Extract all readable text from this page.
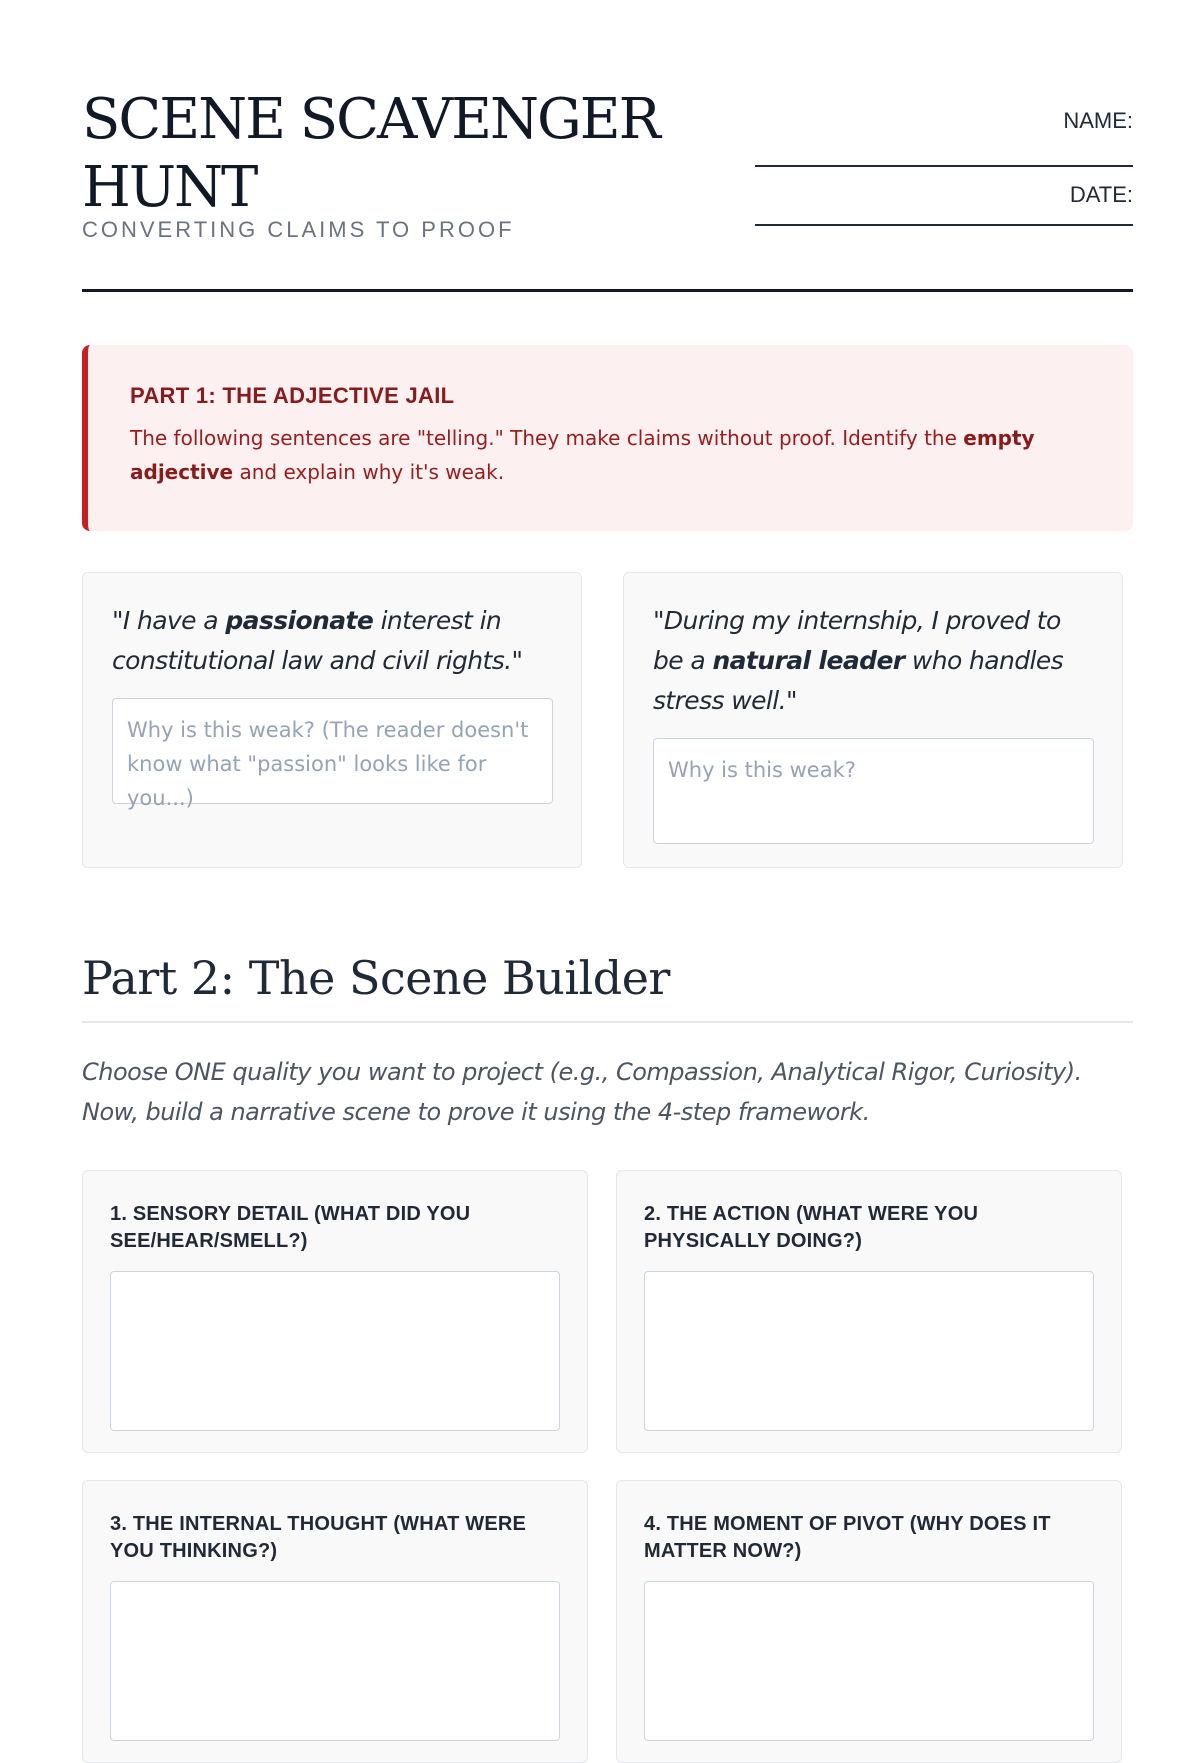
SCENE SCAVENGER HUNT

CONVERTING CLAIMS TO PROOF

NAME:
DATE:

PART 1: THE ADJECTIVE JAIL

The following sentences are "telling." They make claims without proof. Identify the empty adjective and explain why it's weak.

"I have a passionate interest in constitutional law and civil rights."

Why is this weak? (The reader doesn't know what "passion" looks like for you...)

"During my internship, I proved to be a natural leader who handles stress well."

Why is this weak?
Part 2: The Scene Builder

Choose ONE quality you want to project (e.g., Compassion, Analytical Rigor, Curiosity). Now, build a narrative scene to prove it using the 4-step framework.

1. SENSORY DETAIL (WHAT DID YOU SEE/HEAR/SMELL?)

2. THE ACTION (WHAT WERE YOU PHYSICALLY DOING?)

3. THE INTERNAL THOUGHT (WHAT WERE YOU THINKING?)

4. THE MOMENT OF PIVOT (WHY DOES IT MATTER NOW?)
